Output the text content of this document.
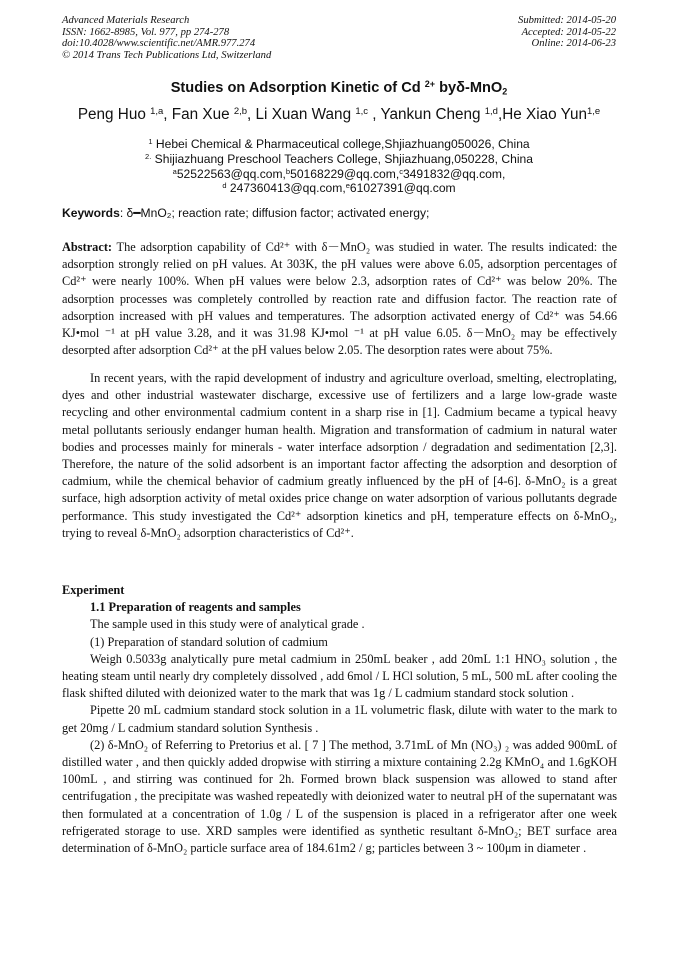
Advanced Materials Research
ISSN: 1662-8985, Vol. 977, pp 274-278
doi:10.4028/www.scientific.net/AMR.977.274
© 2014 Trans Tech Publications Ltd, Switzerland
Submitted: 2014-05-20
Accepted: 2014-05-22
Online: 2014-06-23
Studies on Adsorption Kinetic of Cd $^{2+}$ byδ-MnO$_2$
Peng Huo $^{1,a}$, Fan Xue $^{2,b}$, Li Xuan Wang $^{1,c}$ , Yankun Cheng $^{1,d}$,He Xiao Yun$^{1,e}$
$^1$ Hebei Chemical & Pharmaceutical college,Shjiazhuang050026, China
$^{2.}$ Shijiazhuang Preschool Teachers College, Shjiazhuang,050228, China
$^a$52522563@qq.com,$^b$50168229@qq.com,$^c$3491832@qq.com,
$^d$ 247360413@qq.com,$^e$61027391@qq.com
Keywords: δ━MnO₂; reaction rate; diffusion factor; activated energy;

Abstract: The adsorption capability of Cd²⁺ with δ－MnO₂ was studied in water. The results indicated: the adsorption strongly relied on pH values. At 303K, the pH values were above 6.05, adsorption percentages of Cd²⁺ were nearly 100%. When pH values were below 2.3, adsorption rates of Cd²⁺ was below 20%. The adsorption processes was completely controlled by reaction rate and diffusion factor. The reaction rate of adsorption increased with pH values and temperatures. The adsorption activated energy of Cd²⁺ was 54.66 KJ•mol ⁻¹ at pH value 3.28, and it was 31.98 KJ•mol ⁻¹ at pH value 6.05. δ－MnO₂ may be effectively desorpted after adsorption Cd²⁺ at the pH values below 2.05. The desorption rates were about 75%.

In recent years, with the rapid development of industry and agriculture overload, smelting, electroplating, dyes and other industrial wastewater discharge, excessive use of fertilizers and a large low-grade waste recycling and other environmental cadmium content in a sharp rise in [1]. Cadmium became a typical heavy metal pollutants seriously endanger human health. Migration and transformation of cadmium in natural water bodies and processes mainly for minerals - water interface adsorption / degradation and sedimentation [2,3]. Therefore, the nature of the solid adsorbent is an important factor affecting the adsorption and desorption of cadmium, while the chemical behavior of cadmium greatly influenced by the pH of [4-6]. δ-MnO₂ is a great surface, high adsorption activity of metal oxides price change on water adsorption of various pollutants degrade performance. This study investigated the Cd²⁺ adsorption kinetics and pH, temperature effects on δ-MnO₂, trying to reveal δ-MnO₂ adsorption characteristics of Cd²⁺.

Experiment

1.1 Preparation of reagents and samples

The sample used in this study were of analytical grade .

(1) Preparation of standard solution of cadmium

Weigh 0.5033g analytically pure metal cadmium in 250mL beaker , add 20mL 1:1 HNO₃ solution , the heating steam until nearly dry completely dissolved , add 6mol / L HCl solution, 5 mL, 500 mL after cooling the flask shifted diluted with deionized water to the mark that was 1g / L cadmium standard stock solution .

Pipette 20 mL cadmium standard stock solution in a 1L volumetric flask, dilute with water to the mark to get 20mg / L cadmium standard solution Synthesis .

(2) δ-MnO₂ of Referring to Pretorius et al. [ 7 ] The method, 3.71mL of Mn (NO₃) ₂ was added 900mL of distilled water , and then quickly added dropwise with stirring a mixture containing 2.2g KMnO₄ and 1.6gKOH 100mL , and stirring was continued for 2h. Formed brown black suspension was allowed to stand after centrifugation , the precipitate was washed repeatedly with deionized water to neutral pH of the supernatant was then formulated at a concentration of 1.0g / L of the suspension is placed in a refrigerator after one week refrigerated storage to use. XRD samples were identified as synthetic resultant δ-MnO₂; BET surface area determination of δ-MnO₂ particle surface area of 184.61m2 / g; particles between 3 ~ 100μm in diameter .
